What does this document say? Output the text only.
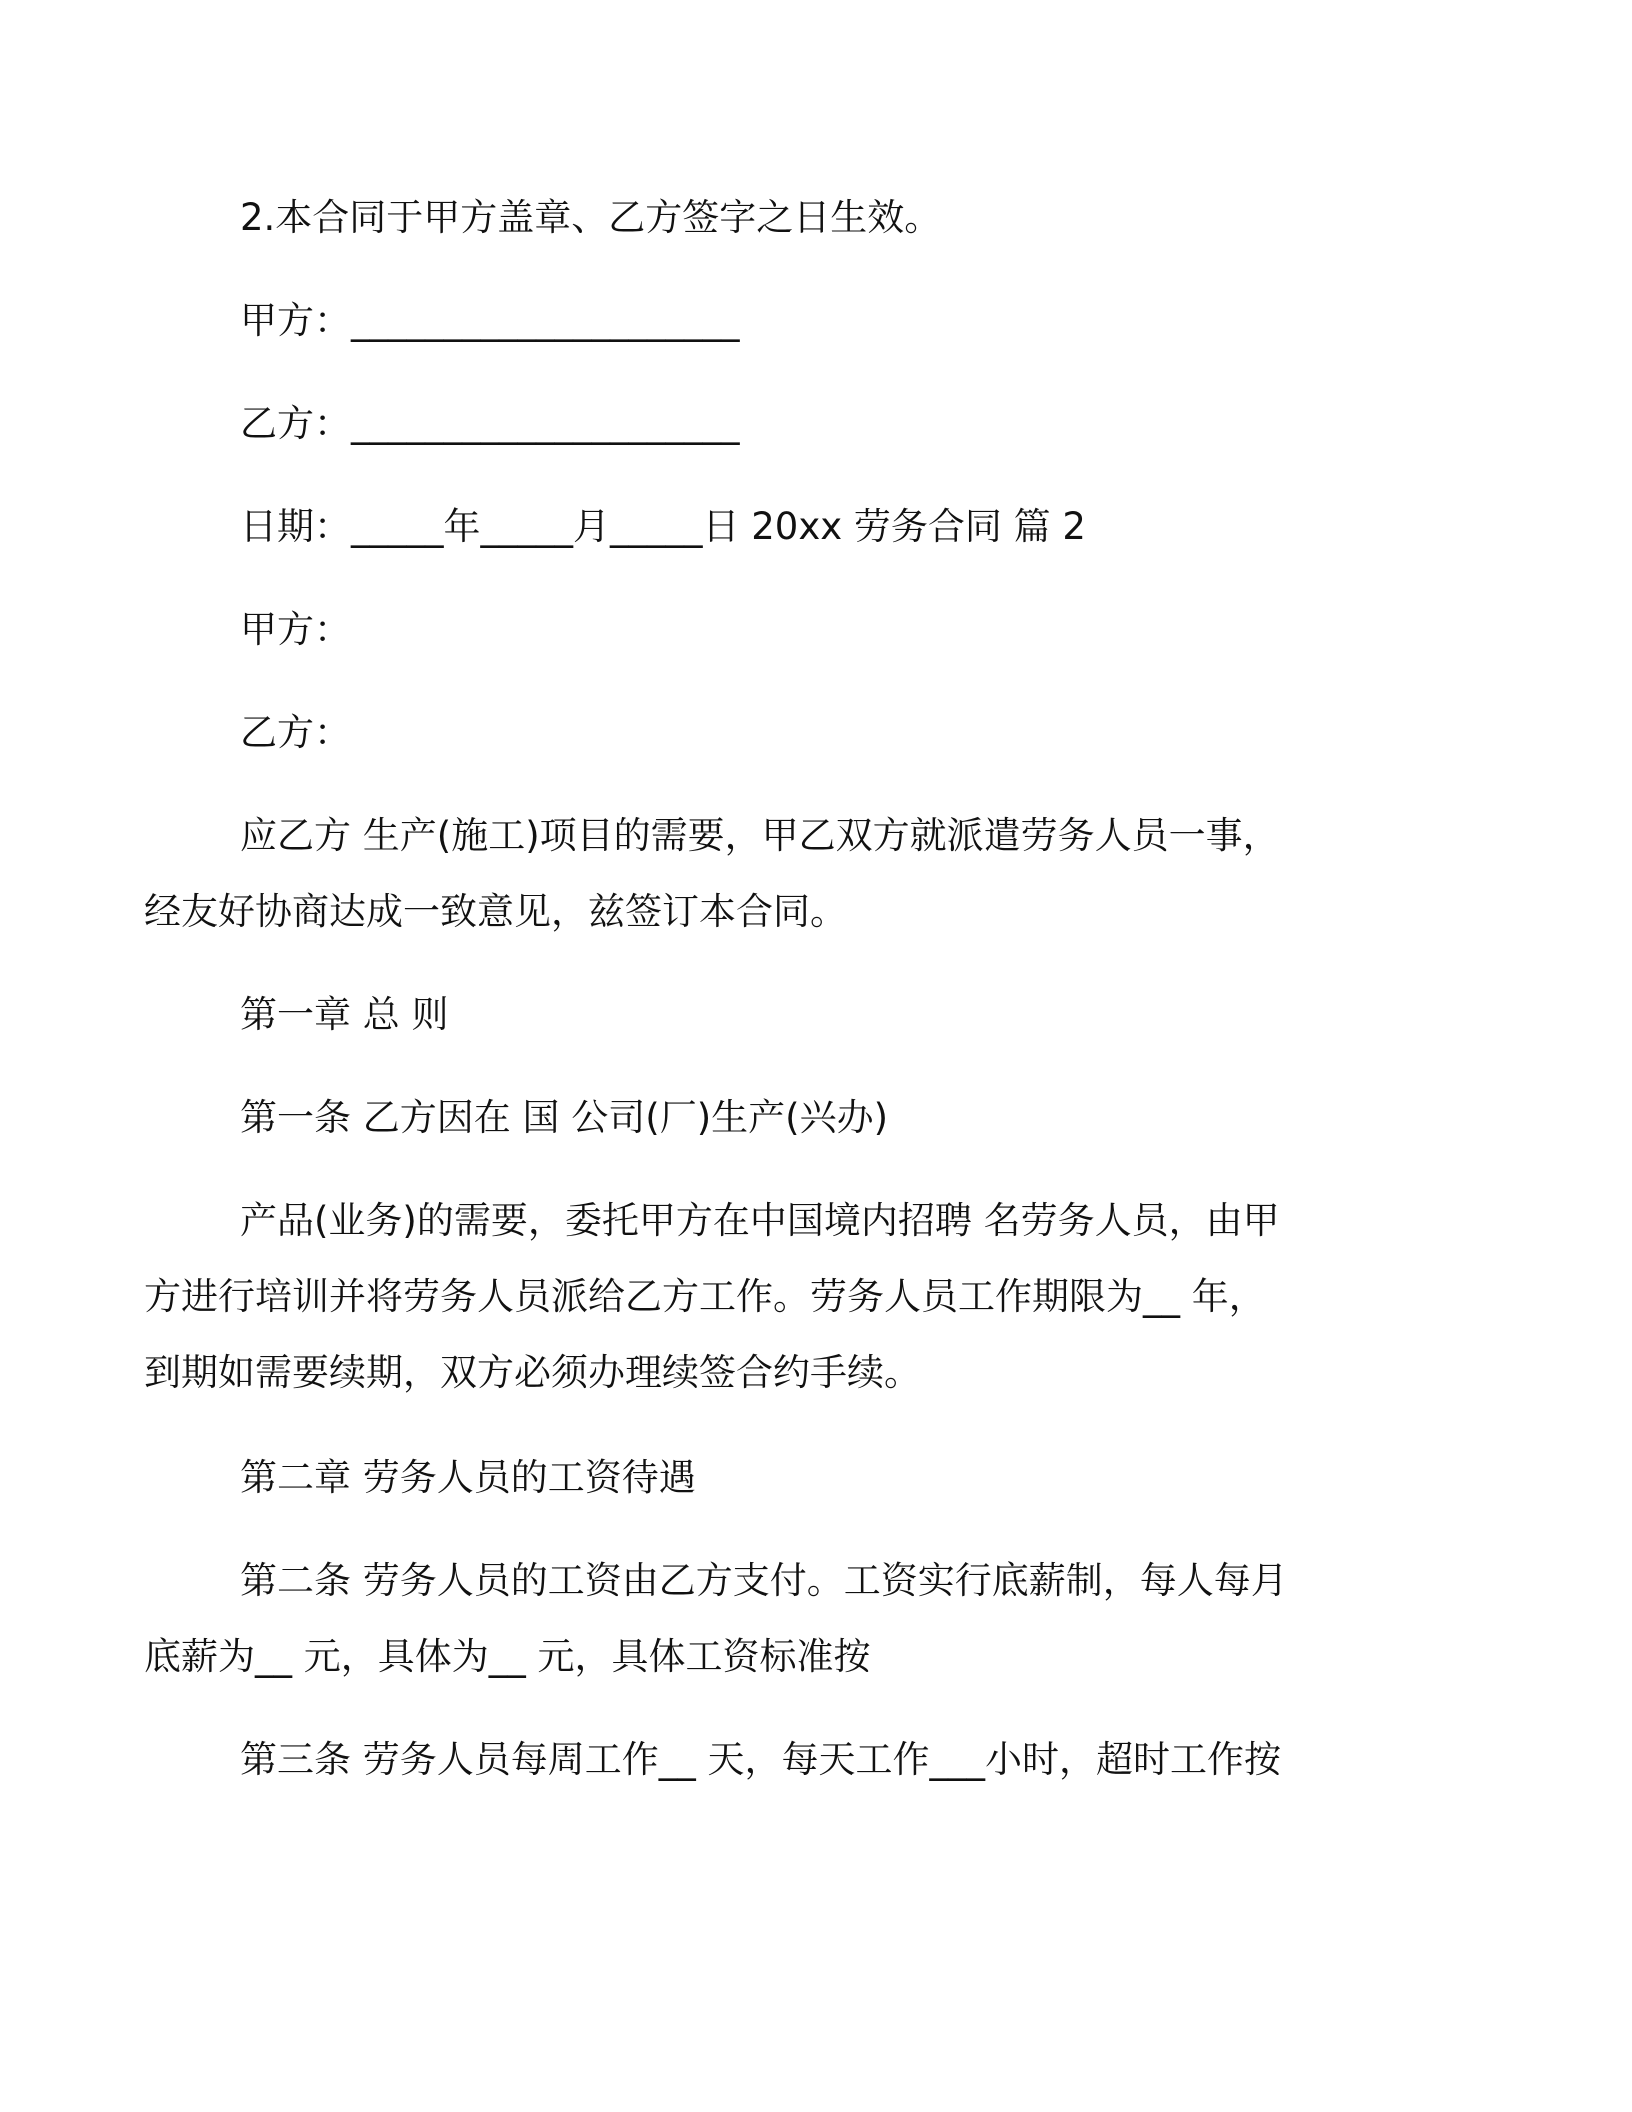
2.本合同于甲方盖章、乙方签字之日生效。

甲方：_____________________

乙方：_____________________

日期：_____年_____月_____日 20xx 劳务合同 篇 2

甲方：

乙方：

应乙方 生产(施工)项目的需要，甲乙双方就派遣劳务人员一事，
经友好协商达成一致意见，兹签订本合同。

第一章 总 则

第一条 乙方因在 国 公司(厂)生产(兴办)

产品(业务)的需要，委托甲方在中国境内招聘 名劳务人员，由甲
方进行培训并将劳务人员派给乙方工作。劳务人员工作期限为__ 年，
到期如需要续期，双方必须办理续签合约手续。

第二章 劳务人员的工资待遇

第二条 劳务人员的工资由乙方支付。工资实行底薪制，每人每月
底薪为__ 元，具体为__ 元，具体工资标准按

第三条 劳务人员每周工作__ 天，每天工作___小时，超时工作按
